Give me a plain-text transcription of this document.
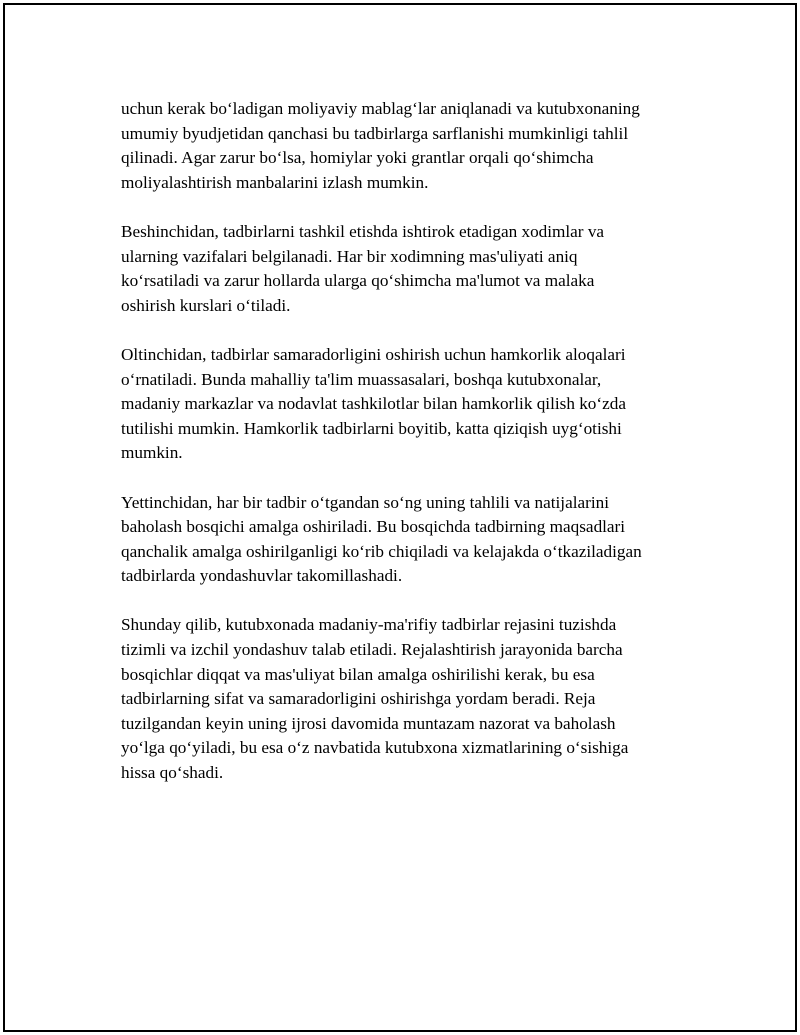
uchun kerak bo‘ladigan moliyaviy mablag‘lar aniqlanadi va kutubxonaning
umumiy byudjetidan qanchasi bu tadbirlarga sarflanishi mumkinligi tahlil
qilinadi. Agar zarur bo‘lsa, homiylar yoki grantlar orqali qo‘shimcha
moliyalashtirish manbalarini izlash mumkin.

Beshinchidan, tadbirlarni tashkil etishda ishtirok etadigan xodimlar va
ularning vazifalari belgilanadi. Har bir xodimning mas'uliyati aniq
ko‘rsatiladi va zarur hollarda ularga qo‘shimcha ma'lumot va malaka
oshirish kurslari o‘tiladi.

Oltinchidan, tadbirlar samaradorligini oshirish uchun hamkorlik aloqalari
o‘rnatiladi. Bunda mahalliy ta'lim muassasalari, boshqa kutubxonalar,
madaniy markazlar va nodavlat tashkilotlar bilan hamkorlik qilish ko‘zda
tutilishi mumkin. Hamkorlik tadbirlarni boyitib, katta qiziqish uyg‘otishi
mumkin.

Yettinchidan, har bir tadbir o‘tgandan so‘ng uning tahlili va natijalarini
baholash bosqichi amalga oshiriladi. Bu bosqichda tadbirning maqsadlari
qanchalik amalga oshirilganligi ko‘rib chiqiladi va kelajakda o‘tkaziladigan
tadbirlarda yondashuvlar takomillashadi.

Shunday qilib, kutubxonada madaniy-ma'rifiy tadbirlar rejasini tuzishda
tizimli va izchil yondashuv talab etiladi. Rejalashtirish jarayonida barcha
bosqichlar diqqat va mas'uliyat bilan amalga oshirilishi kerak, bu esa
tadbirlarning sifat va samaradorligini oshirishga yordam beradi. Reja
tuzilgandan keyin uning ijrosi davomida muntazam nazorat va baholash
yo‘lga qo‘yiladi, bu esa o‘z navbatida kutubxona xizmatlarining o‘sishiga
hissa qo‘shadi.
